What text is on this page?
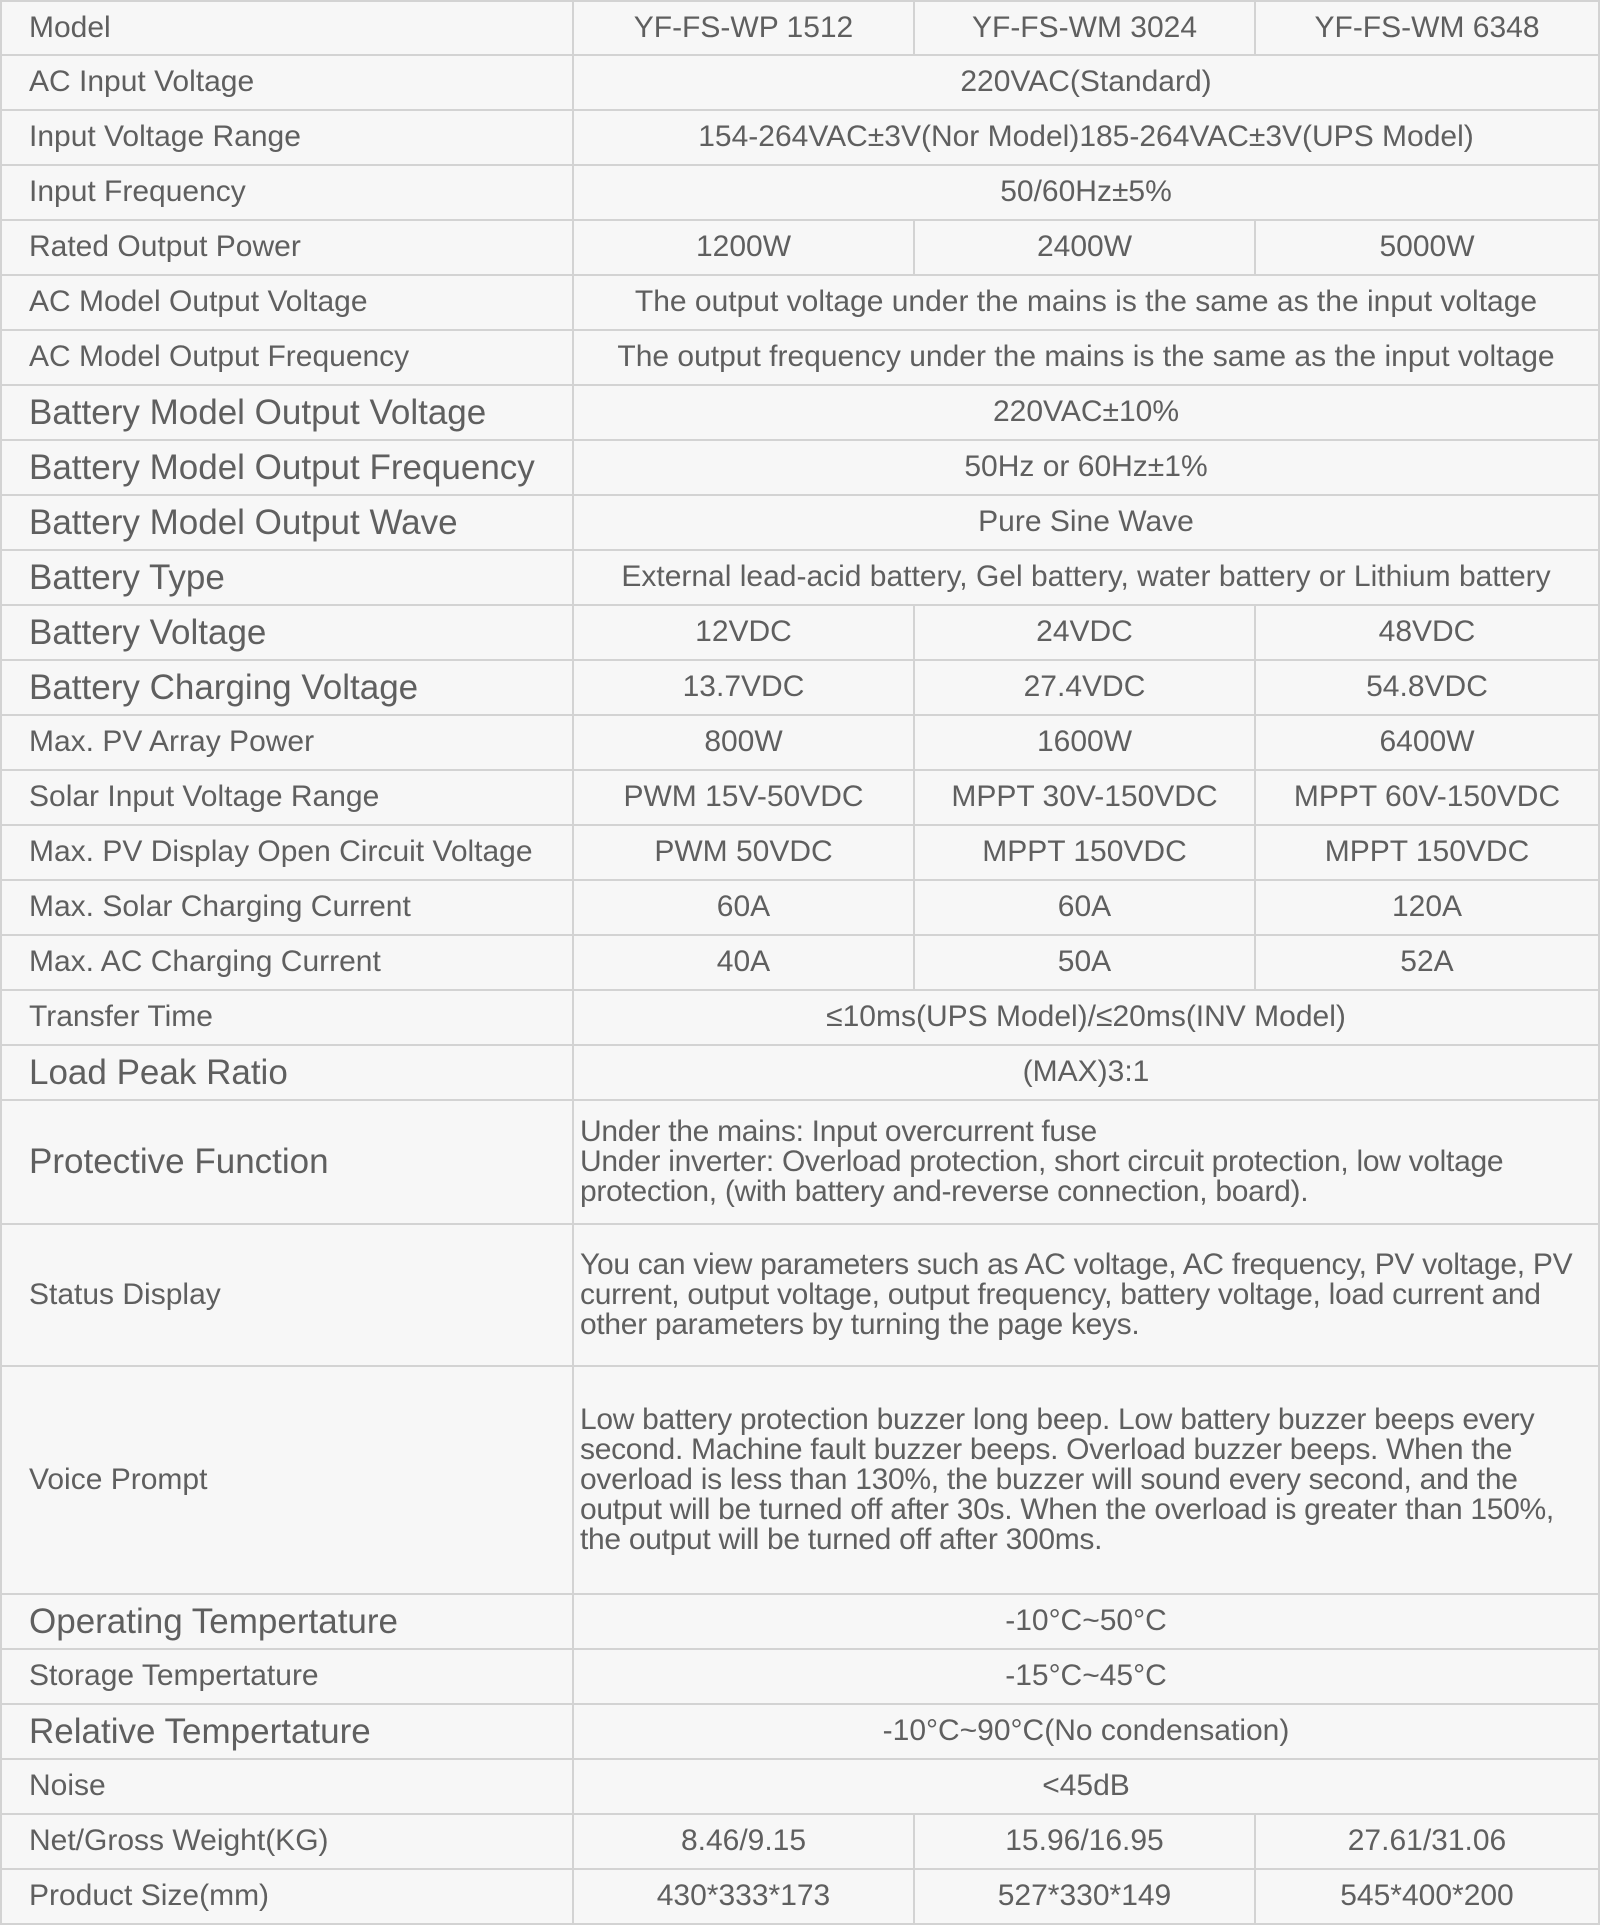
Model	YF-FS-WP 1512	YF-FS-WM 3024	YF-FS-WM 6348
AC Input Voltage	220VAC(Standard)		
Input Voltage Range	154-264VAC±3V(Nor Model)185-264VAC±3V(UPS Model)		
Input Frequency	50/60Hz±5%		
Rated Output Power	1200W	2400W	5000W
AC Model Output Voltage	The output voltage under the mains is the same as the input voltage		
AC Model Output Frequency	The output frequency under the mains is the same as the input voltage		
Battery Model Output Voltage	220VAC±10%		
Battery Model Output Frequency	50Hz or 60Hz±1%		
Battery Model Output Wave	Pure Sine Wave		
Battery Type	External lead-acid battery, Gel battery, water battery or Lithium battery		
Battery Voltage	12VDC	24VDC	48VDC
Battery Charging Voltage	13.7VDC	27.4VDC	54.8VDC
Max. PV Array Power	800W	1600W	6400W
Solar Input Voltage Range	PWM 15V-50VDC	MPPT 30V-150VDC	MPPT 60V-150VDC
Max. PV Display Open Circuit Voltage	PWM 50VDC	MPPT 150VDC	MPPT 150VDC
Max. Solar Charging Current	60A	60A	120A
Max. AC Charging Current	40A	50A	52A
Transfer Time	≤10ms(UPS Model)/≤20ms(INV Model)		
Load Peak Ratio	(MAX)3:1		
Protective Function	Under the mains: Input overcurrent fuse
Under inverter: Overload protection, short circuit protection, low voltage protection, (with battery and-reverse connection, board).		

Status Display	You can view parameters such as AC voltage, AC frequency, PV voltage, PV current, output voltage, output frequency, battery voltage, load current and other parameters by turning the page keys.		

Voice Prompt	Low battery protection buzzer long beep. Low battery buzzer beeps every second. Machine fault buzzer beeps. Overload buzzer beeps. When the overload is less than 130%, the buzzer will sound every second, and the output will be turned off after 30s. When the overload is greater than 150%, the output will be turned off after 300ms.		

Operating Tempertature	-10°C~50°C		
Storage Tempertature	-15°C~45°C		
Relative Tempertature	-10°C~90°C(No condensation)		
Noise	<45dB		
Net/Gross Weight(KG)	8.46/9.15	15.96/16.95	27.61/31.06
Product Size(mm)	430*333*173	527*330*149	545*400*200
